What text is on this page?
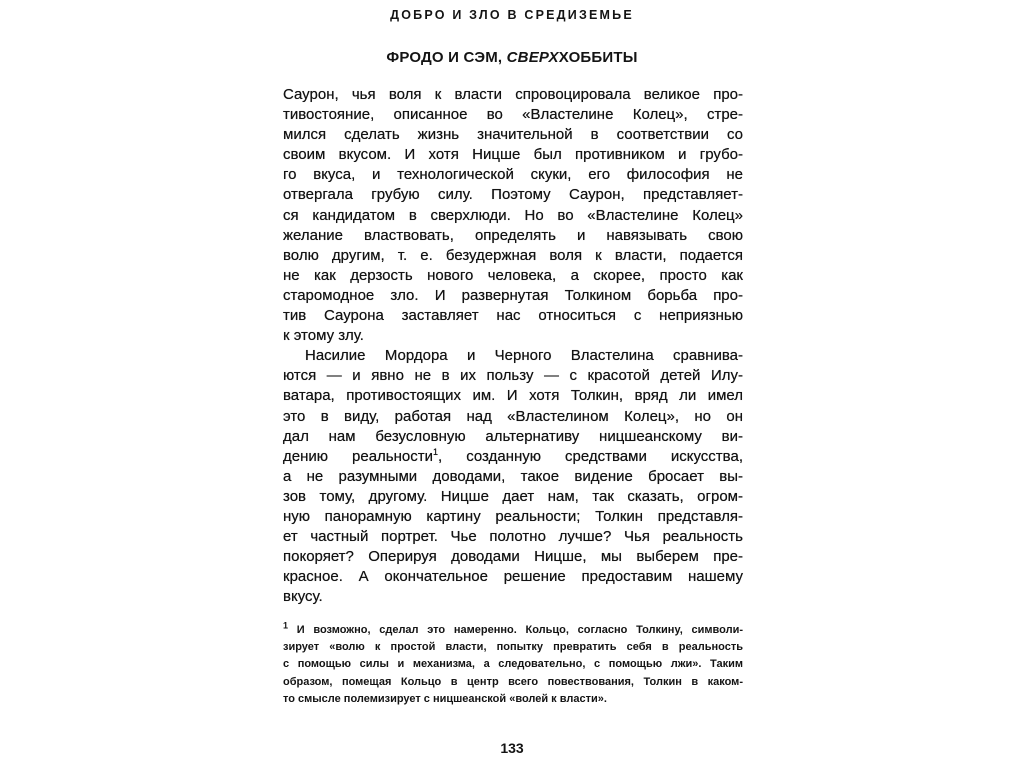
ДОБРО И ЗЛО В СРЕДИЗЕМЬЕ
ФРОДО И СЭМ, СВЕРХХОББИТЫ
Саурон, чья воля к власти спровоцировала великое про-
тивостояние, описанное во «Властелине Колец», стре-
мился сделать жизнь значительной в соответствии со
своим вкусом. И хотя Ницше был противником и грубо-
го вкуса, и технологической скуки, его философия не
отвергала грубую силу. Поэтому Саурон, представляет-
ся кандидатом в сверхлюди. Но во «Властелине Колец»
желание властвовать, определять и навязывать свою
волю другим, т. е. безудержная воля к власти, подается
не как дерзость нового человека, а скорее, просто как
старомодное зло. И развернутая Толкином борьба про-
тив Саурона заставляет нас относиться с неприязнью
к этому злу.
Насилие Мордора и Черного Властелина сравнива-
ются — и явно не в их пользу — с красотой детей Илу-
ватара, противостоящих им. И хотя Толкин, вряд ли имел
это в виду, работая над «Властелином Колец», но он
дал нам безусловную альтернативу ницшеанскому ви-
дению реальности$^1$, созданную средствами искусства,
а не разумными доводами, такое видение бросает вы-
зов тому, другому. Ницше дает нам, так сказать, огром-
ную панорамную картину реальности; Толкин представля-
ет частный портрет. Чье полотно лучше? Чья реальность
покоряет? Оперируя доводами Ницше, мы выберем пре-
красное. А окончательное решение предоставим нашему
вкусу.
$^1$ И возможно, сделал это намеренно. Кольцо, согласно Толкину, символи-
зирует «волю к простой власти, попытку превратить себя в реальность
с помощью силы и механизма, а следовательно, с помощью лжи». Таким
образом, помещая Кольцо в центр всего повествования, Толкин в каком-
то смысле полемизирует с ницшеанской «волей к власти».
133
